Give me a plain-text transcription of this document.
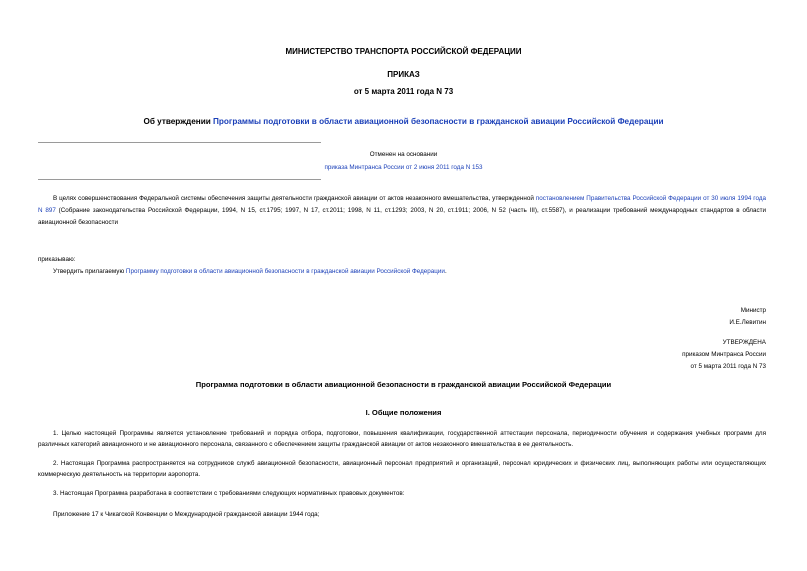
МИНИСТЕРСТВО ТРАНСПОРТА РОССИЙСКОЙ ФЕДЕРАЦИИ
ПРИКАЗ
от 5 марта 2011 года N 73
Об утверждении Программы подготовки в области авиационной безопасности в гражданской авиации Российской Федерации
Отменен на основании
приказа Минтранса России от 2 июня 2011 года N 153
В целях совершенствования Федеральной системы обеспечения защиты деятельности гражданской авиации от актов незаконного вмешательства, утвержденной постановлением Правительства Российской Федерации от 30 июля 1994 года N 897 (Собрание законодательства Российской Федерации, 1994, N 15, ст.1795; 1997, N 17, ст.2011; 1998, N 11, ст.1293; 2003, N 20, ст.1911; 2006, N 52 (часть III), ст.5587), и реализации требований международных стандартов в области авиационной безопасности
приказываю:
Утвердить прилагаемую Программу подготовки в области авиационной безопасности в гражданской авиации Российской Федерации.
Министр
И.Е.Левитин
УТВЕРЖДЕНА
приказом Минтранса России
от 5 марта 2011 года N 73
Программа подготовки в области авиационной безопасности в гражданской авиации Российской Федерации
I. Общие положения
1. Целью настоящей Программы является установление требований и порядка отбора, подготовки, повышения квалификации, государственной аттестации персонала, периодичности обучения и содержания учебных программ для различных категорий авиационного и не авиационного персонала, связанного с обеспечением защиты гражданской авиации от актов незаконного вмешательства в ее деятельность.
2. Настоящая Программа распространяется на сотрудников служб авиационной безопасности, авиационный персонал предприятий и организаций, персонал юридических и физических лиц, выполняющих работы или осуществляющих коммерческую деятельность на территории аэропорта.
3. Настоящая Программа разработана в соответствии с требованиями следующих нормативных правовых документов:
Приложение 17 к Чикагской Конвенции о Международной гражданской авиации 1944 года;
